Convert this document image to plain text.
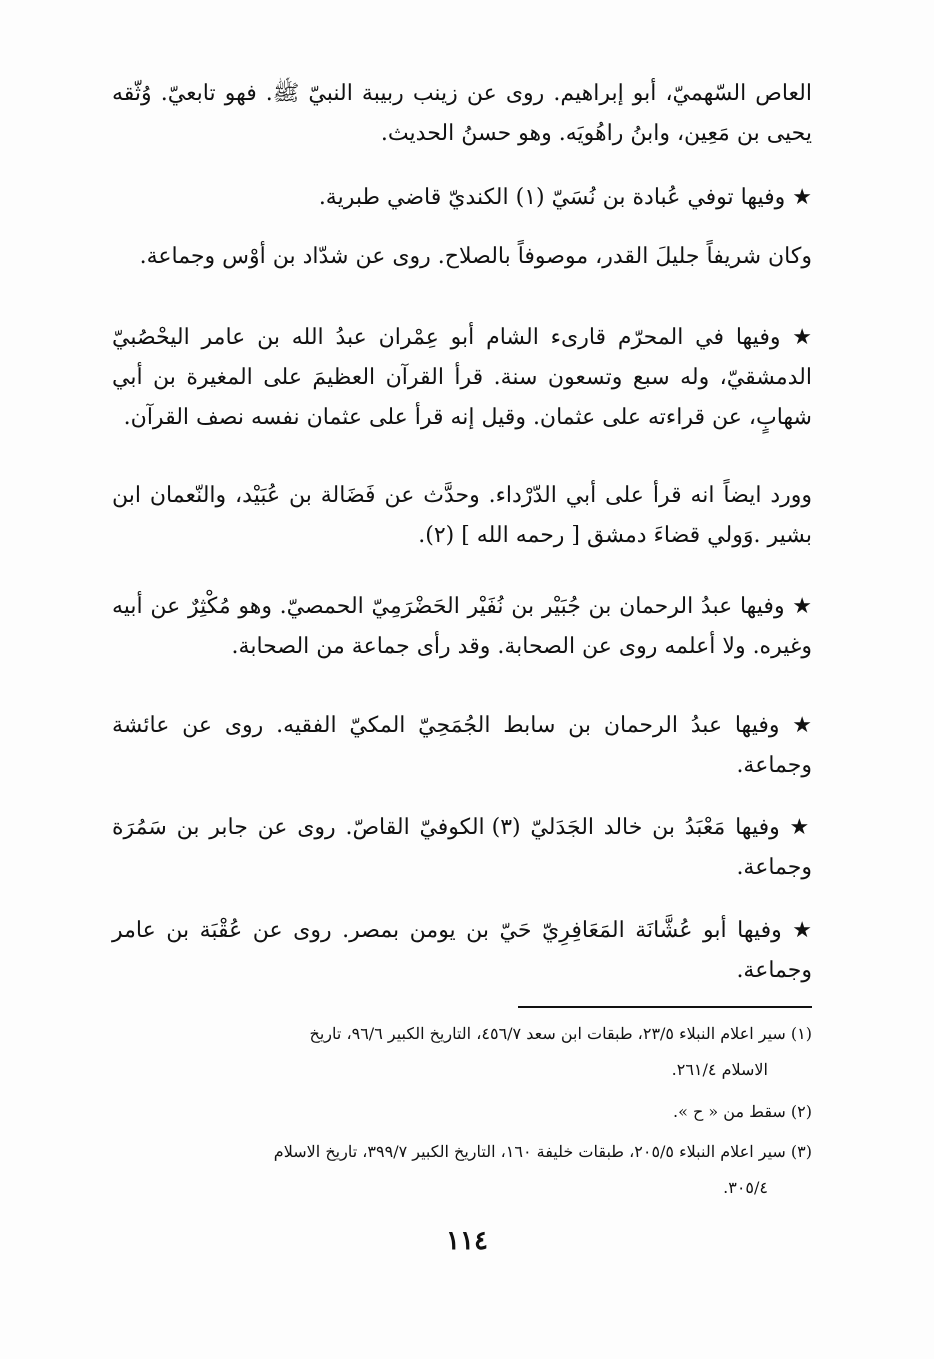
العاص السّهميّ، أبو إبراهيم. روى عن زينب ربيبة النبيّ ﷺ. فهو تابعيّ. وُثّقه يحيى بن مَعِين، وابنُ راهُويَه. وهو حسنُ الحديث.

★ وفيها توفي عُبادة بن نُسَيّ (١) الكنديّ قاضي طبرية.

وكان شريفاً جليلَ القدر، موصوفاً بالصلاح. روى عن شدّاد بن أوْس وجماعة.

★ وفيها في المحرّم قارىء الشام أبو عِمْران عبدُ الله بن عامر اليحْصُبيّ الدمشقيّ، وله سبع وتسعون سنة. قرأ القرآن العظيمَ على المغيرة بن أبي شهابٍ، عن قراءته على عثمان. وقيل إنه قرأ على عثمان نفسه نصف القرآن.

وورد ايضاً انه قرأ على أبي الدّرْداء. وحدَّث عن فَضَالة بن عُبَيْد، والنّعمان ابن بشير .وَولي قضاءَ دمشق [ رحمه الله ] (٢).

★ وفيها عبدُ الرحمان بن جُبَيْر بن نُفَيْر الحَضْرَمِيّ الحمصيّ. وهو مُكْثِرٌ عن أبيه وغيره. ولا أعلمه روى عن الصحابة. وقد رأى جماعة من الصحابة.

★ وفيها عبدُ الرحمان بن سابط الجُمَحِيّ المكيّ الفقيه. روى عن عائشة وجماعة.

★ وفيها مَعْبَدُ بن خالد الجَدَليّ (٣) الكوفيّ القاصّ. روى عن جابر بن سَمُرَة وجماعة.

★ وفيها أبو عُشَّانَة المَعَافِرِيّ حَيّ بن يومن بمصر. روى عن عُقْبَة بن عامر وجماعة.

(١) سير اعلام النبلاء ٢٣/٥، طبقات ابن سعد ٤٥٦/٧، التاريخ الكبير ٩٦/٦، تاريخ
الاسلام ٢٦١/٤.

(٢) سقط من « ح ».

(٣) سير اعلام النبلاء ٢٠٥/٥، طبقات خليفة ١٦٠، التاريخ الكبير ٣٩٩/٧، تاريخ الاسلام
٣٠٥/٤.

١١٤
